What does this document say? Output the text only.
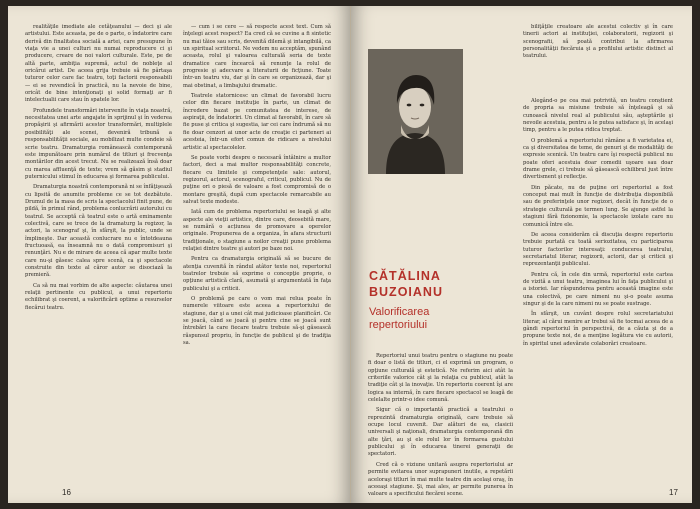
realităţile imediate ale cetăţeanului — deci şi ale artistului. Este aceasta, pe de o parte, o îndatorire care derivă din finalitatea socială a artei, care presupune în viaţa vie a unei culturi nu numai reproducere ci şi producere, creare de noi valori culturale. Este, pe de altă parte, ambiţia supremă, actul de nobleţe al oricărui artist. De aceea grija trebuie să fie pârtaşa tuturor celor care fac teatru, toţi factorii responsabili — ei se revendică în practică, nu la nevoie de bine, oricât de bine intenţionaţi şi solid formaţi ar fi intelectualii care stau în spatele lor.

Profundele transformări intervenite în viaţa noastră, necesitatea unei arte angajate în sprijinul şi în vederea propăşirii şi afirmării acestor transformări, multiplele posibilităţi ale scenei, deveniră tribună a responsabilităţii sociale, au mobilizat multe condeie să scrie teatru. Dramaturgia românească contemporană este impunătoare prin numărul de titluri şi frecvenţa montărilor din acest trecut. Nu se realizează însă doar cu marea affluenţă de texte; vrem să găsim şi stadiul puternicului stimul în educarea şi formarea publicului.

Dramaturgia noastră contemporană ni se înfăţişează cu lipsită de anumite probleme ce se tot dezbătute. Drumul de la masa de scris la spectacolul finit pune, de pildă, în primul rând, problema conlucrării autorului cu teatrul. Se acceptă că teatrul este o artă eminamente colectivă, care se trece de la dramaturg la regizor, la actori, la scenograf şi, în sfârşit, la public, unde se împlineşte. Dar această conlucrare nu e întotdeauna fructuoasă, ea înseamnă nu o dată compromisuri şi renunţări. Nu e de mirare de aceea că apar multe texte care nu-şi găsesc calea spre scenă, ca şi spectacole construite din texte al căror autor se disociază la premieră.

Ca să nu mai vorbim de alte aspecte: căutarea unei relaţii pertinente cu publicul, a unui repertoriu echilibrat şi coerent, a valorificării optime a resurselor fiecărui teatru.

— cum i se cere — să respecte acest text. Cum să înţelegi acest respect? Ea cred că se cuvine a fi sintetic nu mai tăios sau scris, devenită dilemă şi intangibilă, ca un spiritual scriitorul. Ne vedem nu acceptăm, spunând aceasta, rolul şi valoarea culturală seria de texte dramatice care încearcă să renunţe la rolul de progresie şi adecvare a literaturii de ficţiune. Toate într-un teatru viu, dar şi în care se organizează, dar şi mai obstinat, a limbajului dramatic.

Teatrele statornicesc un climat de favorabil lucru celor din fiecare instituţie în parte, un climat de încredere bazat pe comunitatea de interese, de aspiraţii, de îndatoriri. Un climat al favorabil, în care să fie puse şi critica şi sugestia, iar cei care îndrumă să nu fie doar cenzori ai unor acte de creaţie ci parteneri ai acesteia, într-un efort comun de ridicare a nivelului artistic al spectacolelor.

Se poate vorbi despre o necesară întâlnire a multor factori, deci a mai multor responsabilităţi concrete, fiecare cu limitele şi competenţele sale: autorul, regizorul, actorul, scenograful, criticul, publicul. Nu de puţine ori o piesă de valoare a fost compromisă de o montare greşită, după cum spectacole remarcabile au salvat texte modeste.

Iată cum de problema repertoriului se leagă şi alte aspecte ale vieţii artistice, dintre care, deosebită mare, se numără o acțiunea de promovare a operelor originale. Propunerea de a organiza, în afara structurii tradiţionale, o stagiune a noilor creaţii pune problema relaţiei dintre teatre şi autori pe baze noi.

Pentru ca dramaturgia originală să se bucure de atenţia cuvenită în rândul atâtor texte noi, repertoriul teatrelor trebuie să exprime o concepţie proprie, o opţiune artistică clară, asumată şi argumentată în faţa publicului şi a criticii.

O problemă pe care o vom mai relua poate în numerele viitoare este aceea a repertoriului de stagiune, dar şi a unei cât mai judicioase planificări. Ce se joacă, când se joacă şi pentru cine se joacă sunt întrebări la care fiecare teatru trebuie să-şi găsească răspunsul propriu, în funcţie de publicul şi de tradiţia sa.

16

biliţăţile creatoare ale acestui colectiv şi în care tinerii actori ai instituţiei, colaboratorii, regizorii şi scenografii, să poată contribui la afirmarea personalităţii fiecăruia şi a profilului artistic distinct al teatrului.

CĂTĂLINA
BUZOIANU
Valorificarea repertoriului

Repertoriul unui teatru pentru o stagiune nu poate fi doar o listă de titluri, ci el exprimă un program, o opţiune culturală şi estetică. Ne referim aici atât la criteriile valorice cât şi la relaţia cu publicul, atât la tradiţie cât şi la inovaţie. Un repertoriu coerent îşi are logica sa internă, în care fiecare spectacol se leagă de celelalte printr-o idee comună.

Sigur că o importantă practică a teatrului o reprezintă dramaturgia originală, care trebuie să ocupe locul cuvenit. Dar alături de ea, clasicii universali şi naţionali, dramaturgia contemporană din alte ţări, au şi ele rolul lor în formarea gustului publicului şi în educarea tinerei generaţii de spectatori.

Cred că o viziune unitară asupra repertoriului ar permite evitarea unor suprapuneri inutile, a repetării aceloraşi titluri în mai multe teatre din acelaşi oraş, în aceeaşi stagiune. Şi, mai ales, ar permite punerea în valoare a specificului fiecărei scene.

Alegând-o pe cea mai potrivită, un teatru conștient de propria sa misiune trebuie să înţeleagă şi să cunoască nivelul real al publicului său, aşteptările şi nevoile acestuia, pentru a le putea satisface şi, în acelaşi timp, pentru a le putea ridica treptat.

O problemă a repertoriului rămâne a fi varietatea ei, ca şi diversitatea de teme, de genuri şi de modalităţi de expresie scenică. Un teatru care îşi respectă publicul nu poate oferi acestuia doar comedii uşoare sau doar drame grele, ci trebuie să găsească echilibrul just între divertisment şi reflecţie.

Din păcate, nu de puţine ori repertoriul a fost conceput mai mult în funcţie de distribuţia disponibilă sau de preferinţele unor regizori, decât în funcţie de o strategie culturală pe termen lung. Se ajunge astfel la stagiuni fără fizionomie, la spectacole izolate care nu comunică între ele.

De aceea considerăm că discuţia despre repertoriu trebuie purtată cu toată seriozitatea, cu participarea tuturor factorilor interesaţi: conducerea teatrului, secretariatul literar, regizorii, actorii, dar şi criticii şi reprezentanţii publicului.

Pentru că, în cele din urmă, repertoriul este cartea de vizită a unui teatru, imaginea lui în faţa publicului şi a istoriei. Iar răspunderea pentru această imagine este una colectivă, pe care nimeni nu şi-o poate asuma singur şi de la care nimeni nu se poate sustrage.

În sfârşit, un cuvânt despre rolul secretariatului literar, al cărui menire ar trebui să fie tocmai aceea de a gândi repertoriul în perspectivă, de a căuta şi de a propune texte noi, de a menţine legătura vie cu autorii, în spiritul unei adevărate colaborări creatoare.

17
